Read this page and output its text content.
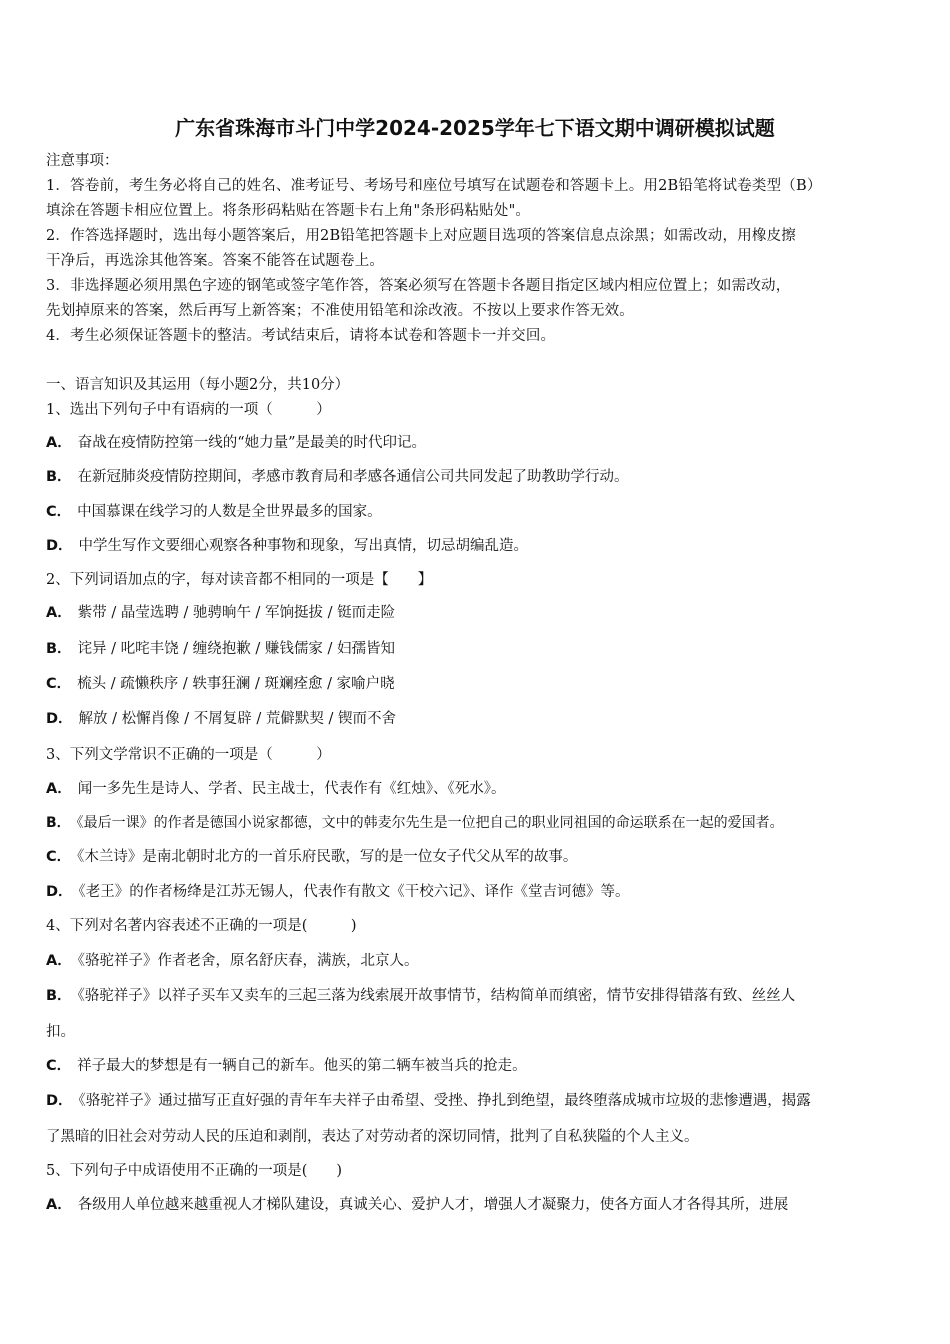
广东省珠海市斗门中学2024-2025学年七下语文期中调研模拟试题
注意事项：
1．答卷前，考生务必将自己的姓名、准考证号、考场号和座位号填写在试题卷和答题卡上。用2B铅笔将试卷类型（B）
填涂在答题卡相应位置上。将条形码粘贴在答题卡右上角"条形码粘贴处"。
2．作答选择题时，选出每小题答案后，用2B铅笔把答题卡上对应题目选项的答案信息点涂黑；如需改动，用橡皮擦
干净后，再选涂其他答案。答案不能答在试题卷上。
3．非选择题必须用黑色字迹的钢笔或签字笔作答，答案必须写在答题卡各题目指定区域内相应位置上；如需改动，
先划掉原来的答案，然后再写上新答案；不准使用铅笔和涂改液。不按以上要求作答无效。
4．考生必须保证答题卡的整洁。考试结束后，请将本试卷和答题卡一并交回。
一、语言知识及其运用（每小题2分，共10分）
1、选出下列句子中有语病的一项（　　　）
A． 奋战在疫情防控第一线的“她力量”是最美的时代印记。
B． 在新冠肺炎疫情防控期间，孝感市教育局和孝感各通信公司共同发起了助教助学行动。
C． 中国慕课在线学习的人数是全世界最多的国家。
D． 中学生写作文要细心观察各种事物和现象，写出真情，切忌胡编乱造。
2、下列词语加点的字，每对读音都不相同的一项是【　　】
A． 紫带 / 晶莹选聘 / 驰骋晌午 / 军饷挺拔 / 铤而走险
B． 诧异 / 叱咤丰饶 / 缠绕抱歉 / 赚钱儒家 / 妇孺皆知
C． 梳头 / 疏懒秩序 / 轶事狂澜 / 斑斓痊愈 / 家喻户晓
D． 解放 / 松懈肖像 / 不屑复辟 / 荒僻默契 / 锲而不舍
3、下列文学常识不正确的一项是（　　　）
A． 闻一多先生是诗人、学者、民主战士，代表作有《红烛》、《死水》。
B． 《最后一课》的作者是德国小说家都德，文中的韩麦尔先生是一位把自己的职业同祖国的命运联系在一起的爱国者。
C． 《木兰诗》是南北朝时北方的一首乐府民歌，写的是一位女子代父从军的故事。
D． 《老王》的作者杨绛是江苏无锡人，代表作有散文《干校六记》、译作《堂吉诃德》等。
4、下列对名著内容表述不正确的一项是(　　　)
A． 《骆驼祥子》作者老舍，原名舒庆春，满族，北京人。
B． 《骆驼祥子》以祥子买车又卖车的三起三落为线索展开故事情节，结构简单而缜密，情节安排得错落有致、丝丝人
扣。
C． 祥子最大的梦想是有一辆自己的新车。他买的第二辆车被当兵的抢走。
D． 《骆驼祥子》通过描写正直好强的青年车夫祥子由希望、受挫、挣扎到绝望，最终堕落成城市垃圾的悲惨遭遇，揭露
了黑暗的旧社会对劳动人民的压迫和剥削，表达了对劳动者的深切同情，批判了自私狭隘的个人主义。
5、下列句子中成语使用不正确的一项是(　　)
A． 各级用人单位越来越重视人才梯队建设，真诚关心、爱护人才，增强人才凝聚力，使各方面人才各得其所，进展
